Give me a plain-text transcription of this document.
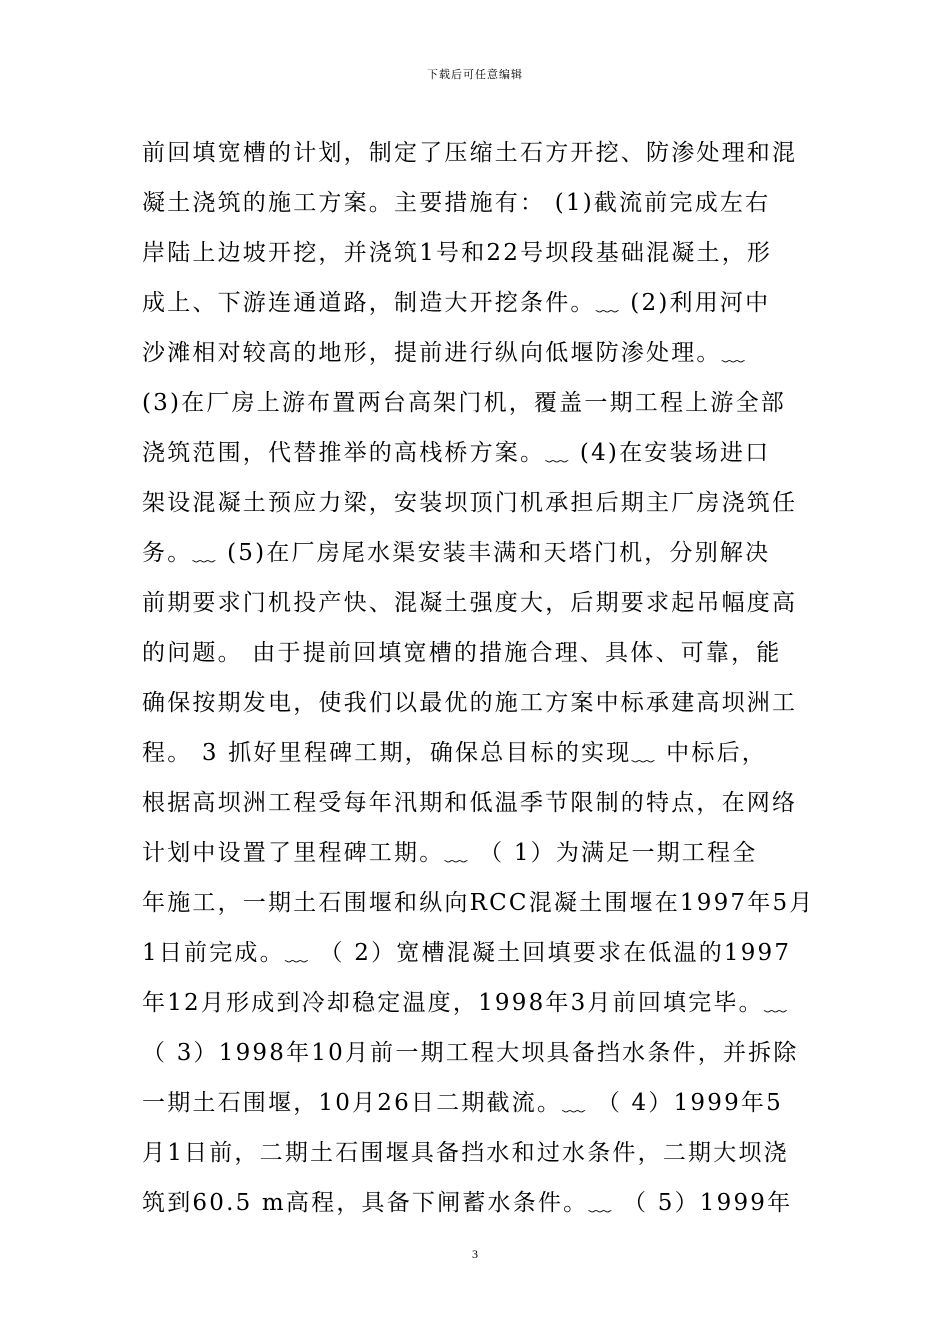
下载后可任意编辑
前回填宽槽的计划，制定了压缩土石方开挖、防渗处理和混
凝土浇筑的施工方案。主要措施有： (1)截流前完成左右
岸陆上边坡开挖，并浇筑1号和22号坝段基础混凝土，形
成上、下游连通道路，制造大开挖条件。﹏ (2)利用河中
沙滩相对较高的地形，提前进行纵向低堰防渗处理。﹏
(3)在厂房上游布置两台高架门机，覆盖一期工程上游全部
浇筑范围，代替推举的高栈桥方案。﹏ (4)在安装场进口
架设混凝土预应力梁，安装坝顶门机承担后期主厂房浇筑任
务。﹏ (5)在厂房尾水渠安装丰满和天塔门机，分别解决
前期要求门机投产快、混凝土强度大，后期要求起吊幅度高
的问题。 由于提前回填宽槽的措施合理、具体、可靠，能
确保按期发电，使我们以最优的施工方案中标承建高坝洲工
程。 3 抓好里程碑工期，确保总目标的实现﹏ 中标后，
根据高坝洲工程受每年汛期和低温季节限制的特点，在网络
计划中设置了里程碑工期。﹏ （ 1）为满足一期工程全
年施工，一期土石围堰和纵向RCC混凝土围堰在1997年5月
1日前完成。﹏ （ 2）宽槽混凝土回填要求在低温的1997
年12月形成到冷却稳定温度，1998年3月前回填完毕。﹏
（ 3）1998年10月前一期工程大坝具备挡水条件，并拆除
一期土石围堰，10月26日二期截流。﹏ （ 4）1999年5
月1日前，二期土石围堰具备挡水和过水条件，二期大坝浇
筑到60.5 m高程，具备下闸蓄水条件。﹏ （ 5）1999年
3
